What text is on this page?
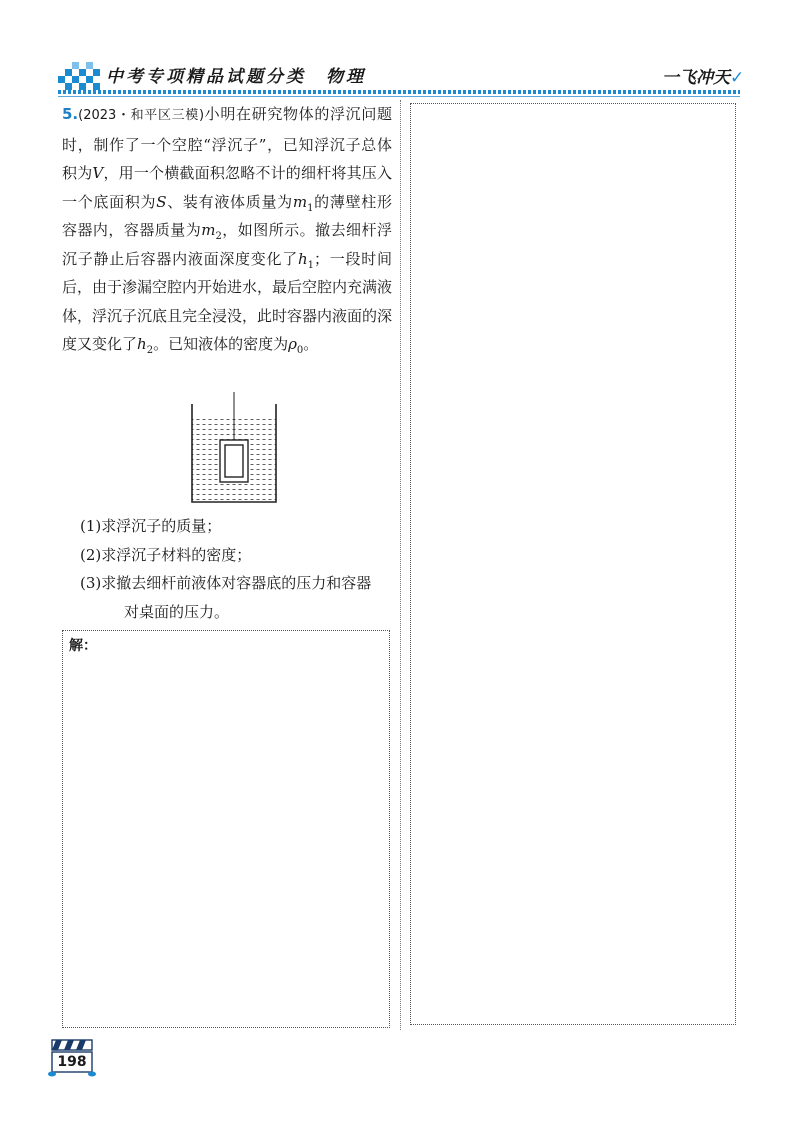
中考专项精品试题分类　物理	一飞冲天✓
5.(2023・和平区三模)小明在研究物体的浮沉问题时，制作了一个空腔“浮沉子”，已知浮沉子总体积为V，用一个横截面积忽略不计的细杆将其压入一个底面积为S、装有液体质量为$m_1$的薄壁柱形容器内，容器质量为$m_2$，如图所示。撤去细杆浮沉子静止后容器内液面深度变化了$h_1$；一段时间后，由于渗漏空腔内开始进水，最后空腔内充满液体，浮沉子沉底且完全浸没，此时容器内液面的深度又变化了$h_2$。已知液体的密度为$\rho_0$。

(1)求浮沉子的质量；

(2)求浮沉子材料的密度；

(3)求撤去细杆前液体对容器底的压力和容器

对桌面的压力。

解：
198
